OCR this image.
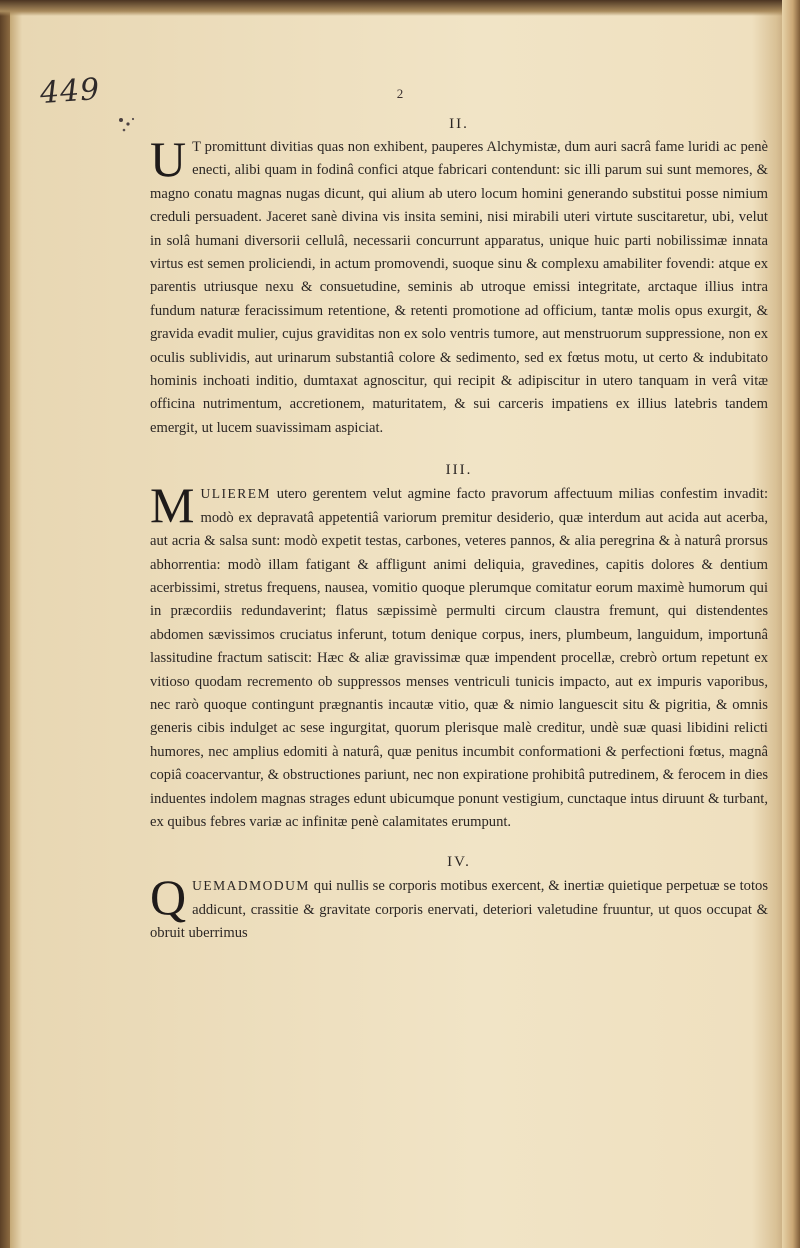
449	2
II.

U T promittunt divitias quas non exhibent, pauperes Alchymistæ, dum auri sacrâ fame luridi ac penè enecti, alibi quam in fodinâ confici atque fabricari contendunt: sic illi parum sui sunt memores, & magno conatu magnas nugas dicunt, qui alium ab utero locum homini generando substitui posse nimium creduli persuadent. Jaceret sanè divina vis insita semini, nisi mirabili uteri virtute suscitaretur, ubi, velut in solâ humani diversorii cellulâ, necessarii concurrunt apparatus, unique huic parti nobilissimæ innata virtus est semen proliciendi, in actum promovendi, suoque sinu & complexu amabiliter fovendi: atque ex parentis utriusque nexu & consuetudine, seminis ab utroque emissi integritate, arctaque illius intra fundum naturæ feracissimum retentione, & retenti promotione ad officium, tantæ molis opus exurgit, & gravida evadit mulier, cujus graviditas non ex solo ventris tumore, aut menstruorum suppressione, non ex oculis sublividis, aut urinarum substantiâ colore & sedimento, sed ex fœtus motu, ut certo & indubitato hominis inchoati inditio, dumtaxat agnoscitur, qui recipit & adipiscitur in utero tanquam in verâ vitæ officina nutrimentum, accretionem, maturitatem, & sui carceris impatiens ex illius latebris tandem emergit, ut lucem suavissimam aspiciat.

III.

MULIEREM utero gerentem velut agmine facto pravorum affectuum milias confestim invadit: modò ex depravatâ appetentiâ variorum premitur desiderio, quæ interdum aut acida aut acerba, aut acria & salsa sunt: modò expetit testas, carbones, veteres pannos, & alia peregrina & à naturâ prorsus abhorrentia: modò illam fatigant & affligunt animi deliquia, gravedines, capitis dolores & dentium acerbissimi, stretus frequens, nausea, vomitio quoque plerumque comitatur eorum maximè humorum qui in præcordiis redundaverint; flatus sæpissimè permulti circum claustra fremunt, qui distendentes abdomen sævissimos cruciatus inferunt, totum denique corpus, iners, plumbeum, languidum, importunâ lassitudine fractum satiscit: Hæc & aliæ gravissimæ quæ impendent procellæ, crebrò ortum repetunt ex vitioso quodam recremento ob suppressos menses ventriculi tunicis impacto, aut ex impuris vaporibus, nec rarò quoque contingunt prægnantis incautæ vitio, quæ & nimio languescit situ & pigritia, & omnis generis cibis indulget ac sese ingurgitat, quorum plerisque malè creditur, undè suæ quasi libidini relicti humores, nec amplius edomiti à naturâ, quæ penitus incumbit conformationi & perfectioni fœtus, magnâ copiâ coacervantur, & obstructiones pariunt, nec non expiratione prohibitâ putredinem, & ferocem in dies induentes indolem magnas strages edunt ubicumque ponunt vestigium, cunctaque intus diruunt & turbant, ex quibus febres variæ ac infinitæ penè calamitates erumpunt.

IV.

QUEMADMODUM qui nullis se corporis motibus exercent, & inertiæ quietique perpetuæ se totos addicunt, crassitie & gravitate corporis enervati, deteriori valetudine fruuntur, ut quos occupat & obruit uberrimus
